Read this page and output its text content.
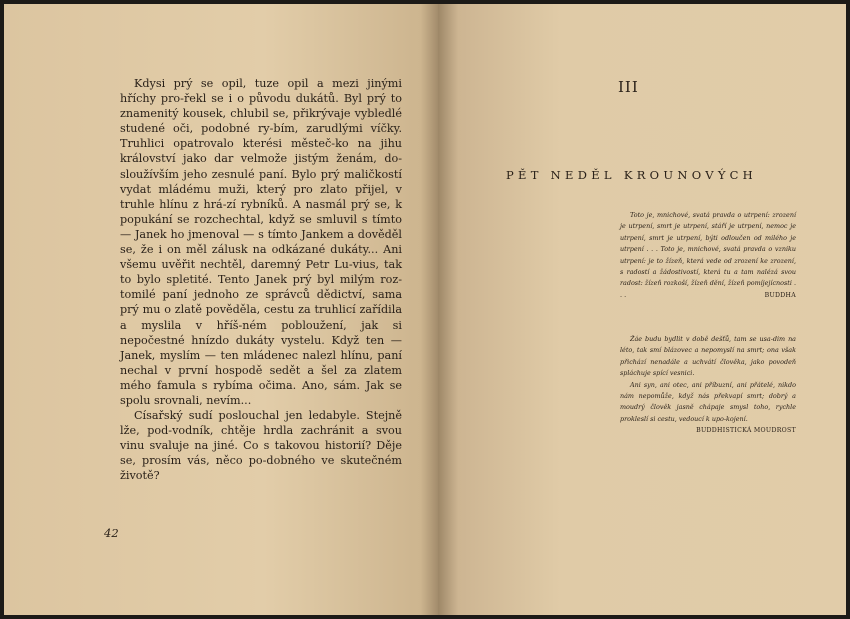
Kdysi prý se opil, tuze opil a mezi jinými hříchy pro-řekl se i o původu dukátů. Byl prý to znamenitý kousek, chlubil se, přikrývaje vybledlé studené oči, podobné ry-bím, zarudlými víčky. Truhlici opatrovalo kterési městeč-ko na jihu království jako dar velmože jistým ženám, do-sloužívším jeho zesnulé paní. Bylo prý maličkostí vydat mládému muži, který pro zlato přijel, v truhle hlínu z hrá-zí rybníků. A nasmál prý se, k popukání se rozchechtal, když se smluvil s tímto — Janek ho jmenoval — s tímto Jankem a dověděl se, že i on měl zálusk na odkázané dukáty... Ani všemu uvěřit nechtěl, daremný Petr Lu-vius, tak to bylo spletité. Tento Janek prý byl milým roz-tomilé paní jednoho ze správců dědictví, sama prý mu o zlatě pověděla, cestu za truhlicí zařídila a myslila v hříš-ném pobloužení, jak si nepočestné hnízdo dukáty vystelu. Když ten — Janek, myslím — ten mládenec nalezl hlínu, paní nechal v první hospodě sedět a šel za zlatem mého famula s rybíma očima. Ano, sám. Jak se spolu srovnali, nevím...

Císařský sudí poslouchal jen ledabyle. Stejně lže, pod-vodník, chtěje hrdla zachránit a svou vinu svaluje na jiné. Co s takovou historií? Děje se, prosím vás, něco po-dobného ve skutečném životě?

42
III
PĚT NEDĚL KROUNOVÝCH

Toto je, mnichové, svatá pravda o utrpení: zrození je utrpení, smrt je utrpení, stáří je utrpení, nemoc je utrpení, smrt je utrpení, býti odloučen od milého je utrpení . . . Toto je, mnichové, svatá pravda o vzniku utrpení: je to žízeň, která vede od zrození ke zrození, s radostí a žádostivostí, která tu a tam nalézá svou radost: žízeň rozkoší, žízeň dění, žízeň pomíjejícnosti . . .	BUDDHA

Žáe budu bydlit v době dešťů, tam se usa-dim na léto, tak smí blázovec a nepomyslí na smrt; ona však přichází nenadále a uchvátí člověka, jako povodeň spláchuje spící vesnici.

Ani syn, ani otec, ani příbuzní, ani přátelé, nikdo nám nepomůže, když nás překvapí smrt; dobrý a moudrý člověk jasně chápaje smysl toho, rychle prokleslí si cestu, vedoucí k upo-kojení.
BUDDHISTICKÁ MOUDROST
